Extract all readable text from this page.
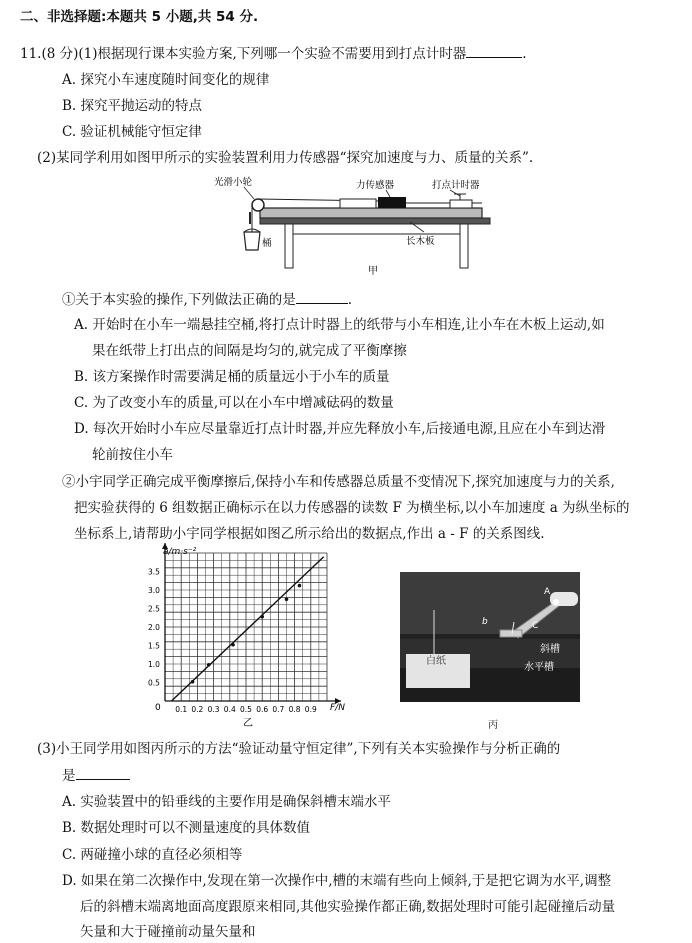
二、非选择题:本题共 5 小题,共 54 分.
11.(8 分)(1)根据现行课本实验方案,下列哪一个实验不需要用到打点计时器	.
A. 探究小车速度随时间变化的规律
B. 探究平抛运动的特点
C. 验证机械能守恒定律
(2)某同学利用如图甲所示的实验装置利用力传感器“探究加速度与力、质量的关系”.
光滑小轮	力传感器	打点计时器
桶	长木板
甲
①关于本实验的操作,下列做法正确的是	.
A. 开始时在小车一端悬挂空桶,将打点计时器上的纸带与小车相连,让小车在木板上运动,如
果在纸带上打出点的间隔是均匀的,就完成了平衡摩擦
B. 该方案操作时需要满足桶的质量远小于小车的质量
C. 为了改变小车的质量,可以在小车中增减砝码的数量
D. 每次开始时小车应尽量靠近打点计时器,并应先释放小车,后接通电源,且应在小车到达滑
轮前按住小车
②小宇同学正确完成平衡摩擦后,保持小车和传感器总质量不变情况下,探究加速度与力的关系,
把实验获得的 6 组数据正确标示在以力传感器的读数 F 为横坐标,以小车加速度 a 为纵坐标的
坐标系上,请帮助小宇同学根据如图乙所示给出的数据点,作出 a - F 的关系图线.
0.1 0.2 0.3 0.4 0.5 0.6 0.7 0.8 0.9
0.5
1.0
1.5
2.0
2.5
3.0
3.5
a/m·s⁻²
F/N
0
乙
A
b	C
斜槽
水平槽
白纸
丙
(3)小王同学用如图丙所示的方法“验证动量守恒定律”,下列有关本实验操作与分析正确的
是
A. 实验装置中的铅垂线的主要作用是确保斜槽末端水平
B. 数据处理时可以不测量速度的具体数值
C. 两碰撞小球的直径必须相等
D. 如果在第二次操作中,发现在第一次操作中,槽的末端有些向上倾斜,于是把它调为水平,调整
后的斜槽末端离地面高度跟原来相同,其他实验操作都正确,数据处理时可能引起碰撞后动量
矢量和大于碰撞前动量矢量和
